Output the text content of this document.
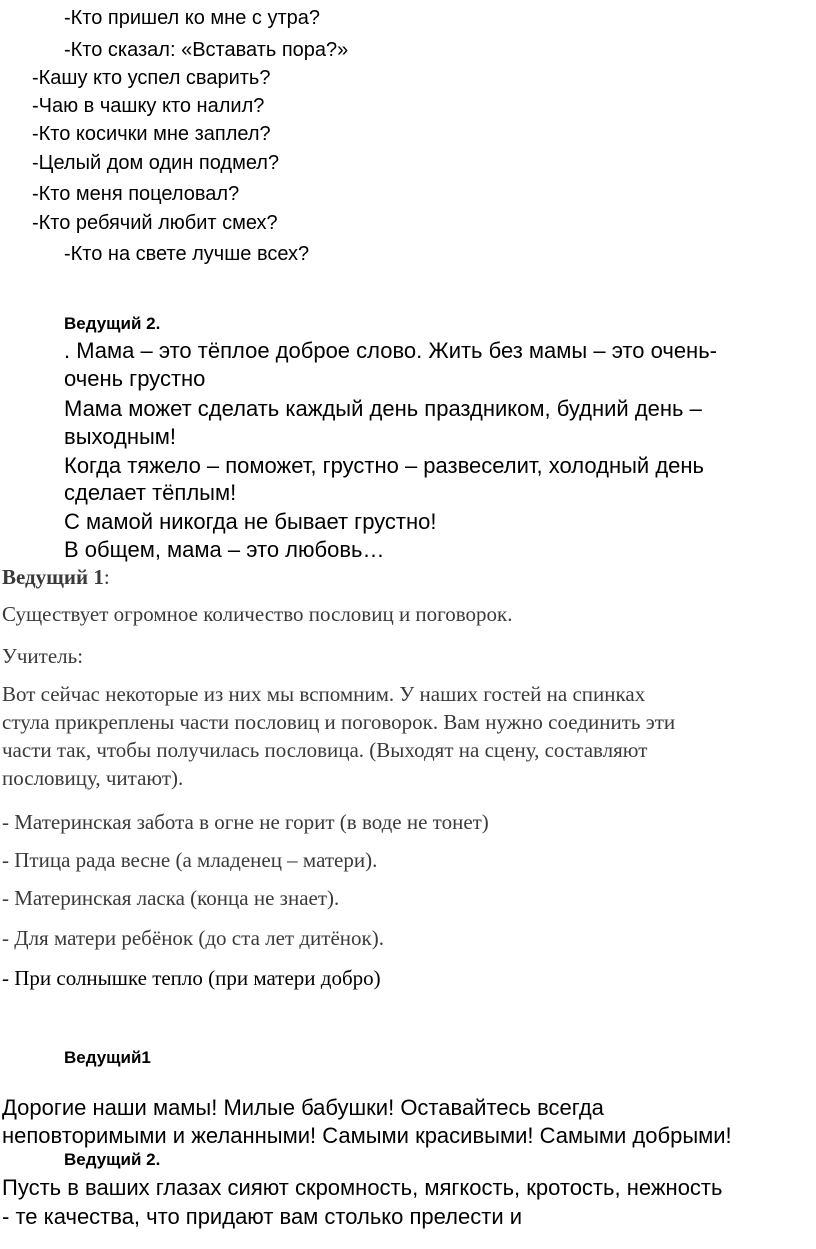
-Кто пришел ко мне с утра?
-Кто сказал: «Вставать пора?»
-Кашу кто успел сварить?
-Чаю в чашку кто налил?
-Кто косички мне заплел?
-Целый дом один подмел?
-Кто меня поцеловал?
-Кто ребячий любит смех?
-Кто на свете лучше всех?
Ведущий 2.
. Мама – это тёплое доброе слово. Жить без мамы – это очень-
очень грустно
Мама может сделать каждый день праздником, будний день –
выходным!
Когда тяжело – поможет, грустно – развеселит, холодный день
сделает тёплым!
С мамой никогда не бывает грустно!
В общем, мама – это любовь…
Ведущий 1:
Существует огромное количество пословиц и поговорок.
Учитель:
Вот сейчас некоторые из них мы вспомним. У наших гостей на спинках
стула прикреплены части пословиц и поговорок. Вам нужно соединить эти
части так, чтобы получилась пословица. (Выходят на сцену, составляют
пословицу, читают).
- Материнская забота в огне не горит (в воде не тонет)
- Птица рада весне (а младенец – матери).
- Материнская ласка (конца не знает).
- Для матери ребёнок (до ста лет дитёнок).
- При солнышке тепло (при матери добро)
Ведущий1
Дорогие наши мамы! Милые бабушки! Оставайтесь всегда
неповторимыми и желанными! Самыми красивыми! Самыми добрыми!
Ведущий 2.
Пусть в ваших глазах сияют скромность, мягкость, кротость, нежность
- те качества, что придают вам столько прелести и
